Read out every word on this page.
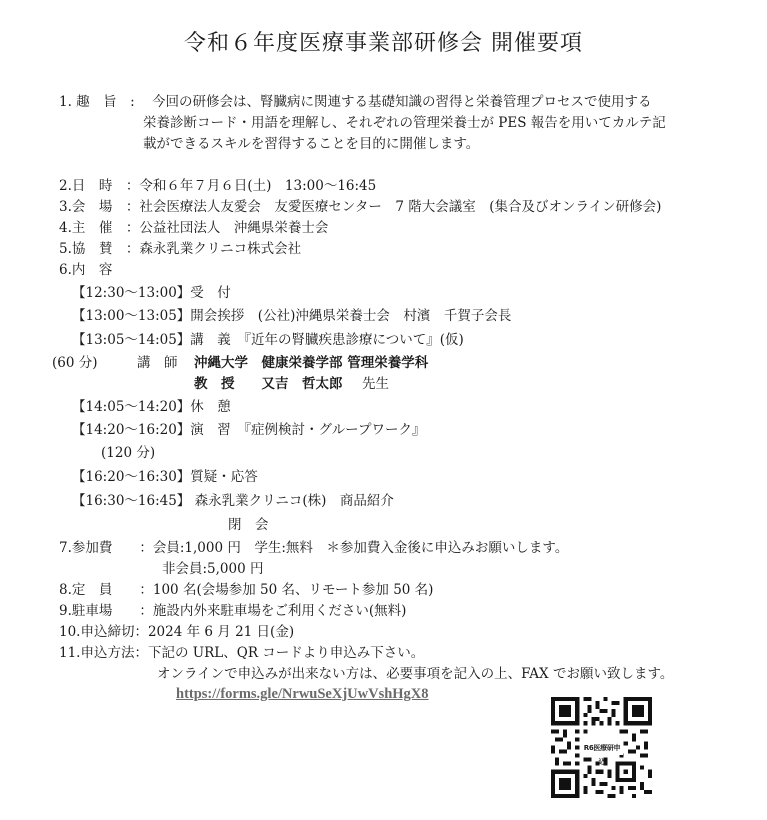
令和６年度医療事業部研修会 開催要項
1. 趣　旨　: 今回の研修会は、腎臓病に関連する基礎知識の習得と栄養管理プロセスで使用する
栄養診断コード・用語を理解し、それぞれの管理栄養士が PES 報告を用いてカルテ記
載ができるスキルを習得することを目的に開催します。
2.日　時　：令和６年７月６日(土)　13:00〜16:45
3.会　場　：社会医療法人友愛会　友愛医療センター　7 階大会議室　(集合及びオンライン研修会)
4.主　催　：公益社団法人　沖縄県栄養士会
5.協　賛　：森永乳業クリニコ株式会社
6.内　容
【12:30〜13:00】受　付
【13:00〜13:05】開会挨拶　(公社)沖縄県栄養士会　村濱　千賀子会長
【13:05〜14:05】講　義　『近年の腎臓疾患診療について』(仮)
(60 分)	講　師 沖縄大学　健康栄養学部 管理栄養学科
教　授　　又吉　哲太郎 先生
【14:05〜14:20】休　憩
【14:20〜16:20】演　習　『症例検討・グループワーク』
(120 分)
【16:20〜16:30】質疑・応答
【16:30〜16:45】 森永乳業クリニコ(株)　商品紹介
閉　会
7.参加費　　：会員:1,000 円　学生:無料　＊参加費入金後に申込みお願いします。
非会員:5,000 円
8.定　員　　：100 名(会場参加 50 名、リモート参加 50 名)
9.駐車場　　：施設内外来駐車場をご利用ください(無料)
10.申込締切：2024 年 6 月 21 日(金)
11.申込方法：下記の URL、QR コードより申込み下さい。
オンラインで申込みが出来ない方は、必要事項を記入の上、FAX でお願い致します。
https://forms.gle/NrwuSeXjUwVshHgX8
R6医療研申込
